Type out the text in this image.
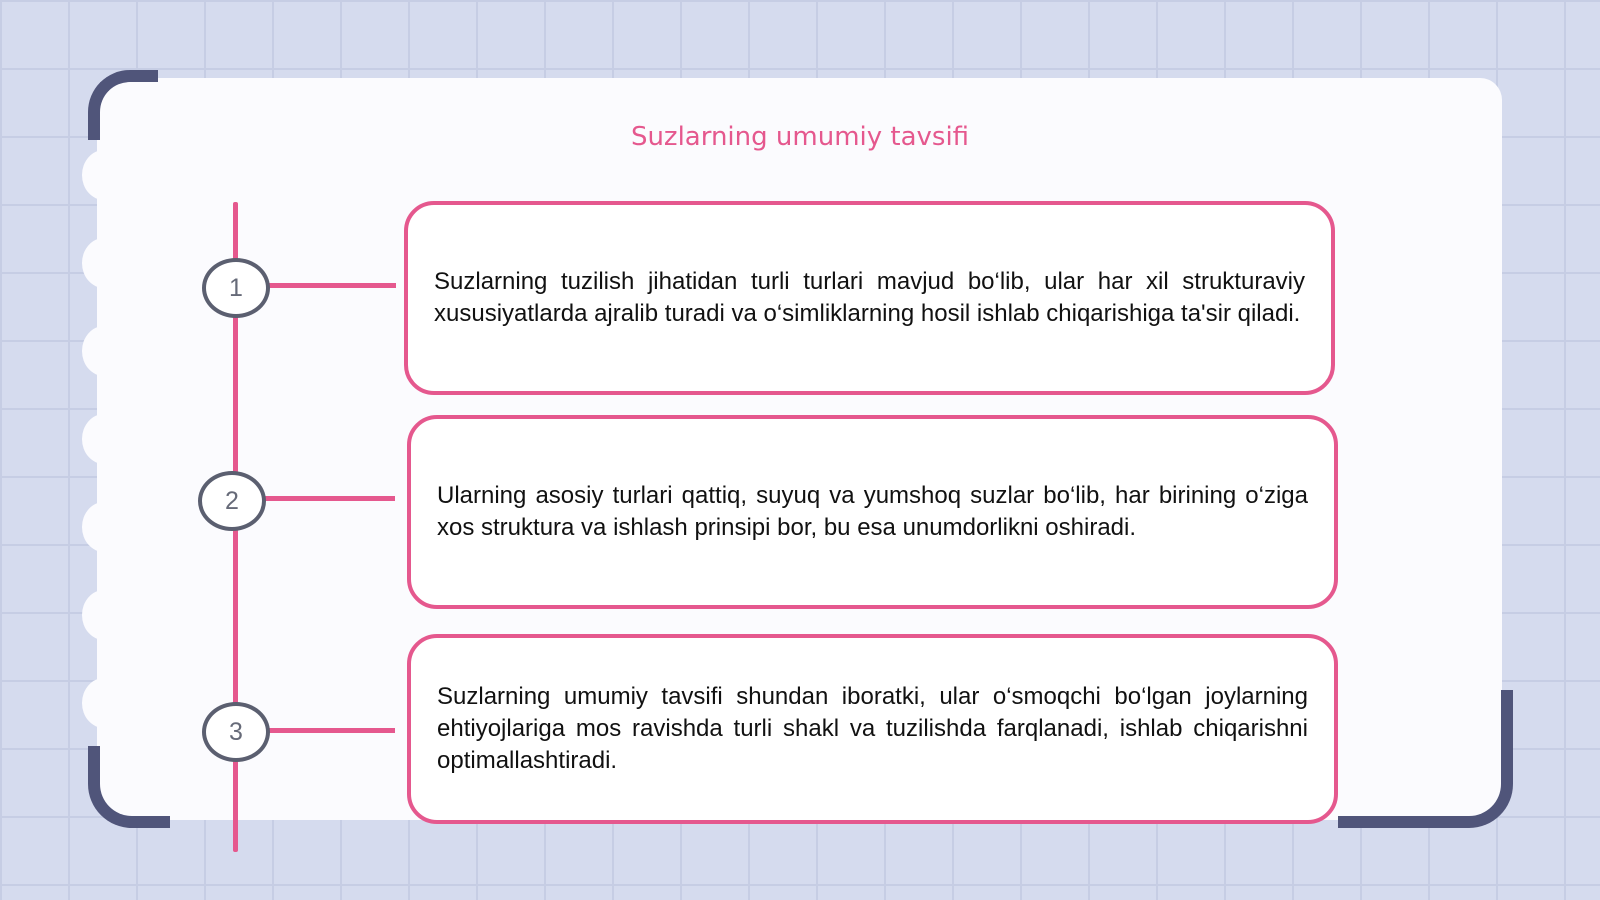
Suzlarning umumiy tavsifi
1	Suzlarning tuzilish jihatidan turli turlari mavjud bo‘lib, ular har xil strukturaviy xususiyatlarda ajralib turadi va o‘simliklarning hosil ishlab chiqarishiga ta'sir qiladi.
2	Ularning asosiy turlari qattiq, suyuq va yumshoq suzlar bo‘lib, har birining o‘ziga xos struktura va ishlash prinsipi bor, bu esa unumdorlikni oshiradi.
3
Suzlarning umumiy tavsifi shundan iboratki, ular o‘smoqchi bo‘lgan joylarning ehtiyojlariga mos ravishda turli shakl va tuzilishda farqlanadi, ishlab chiqarishni optimallashtiradi.
